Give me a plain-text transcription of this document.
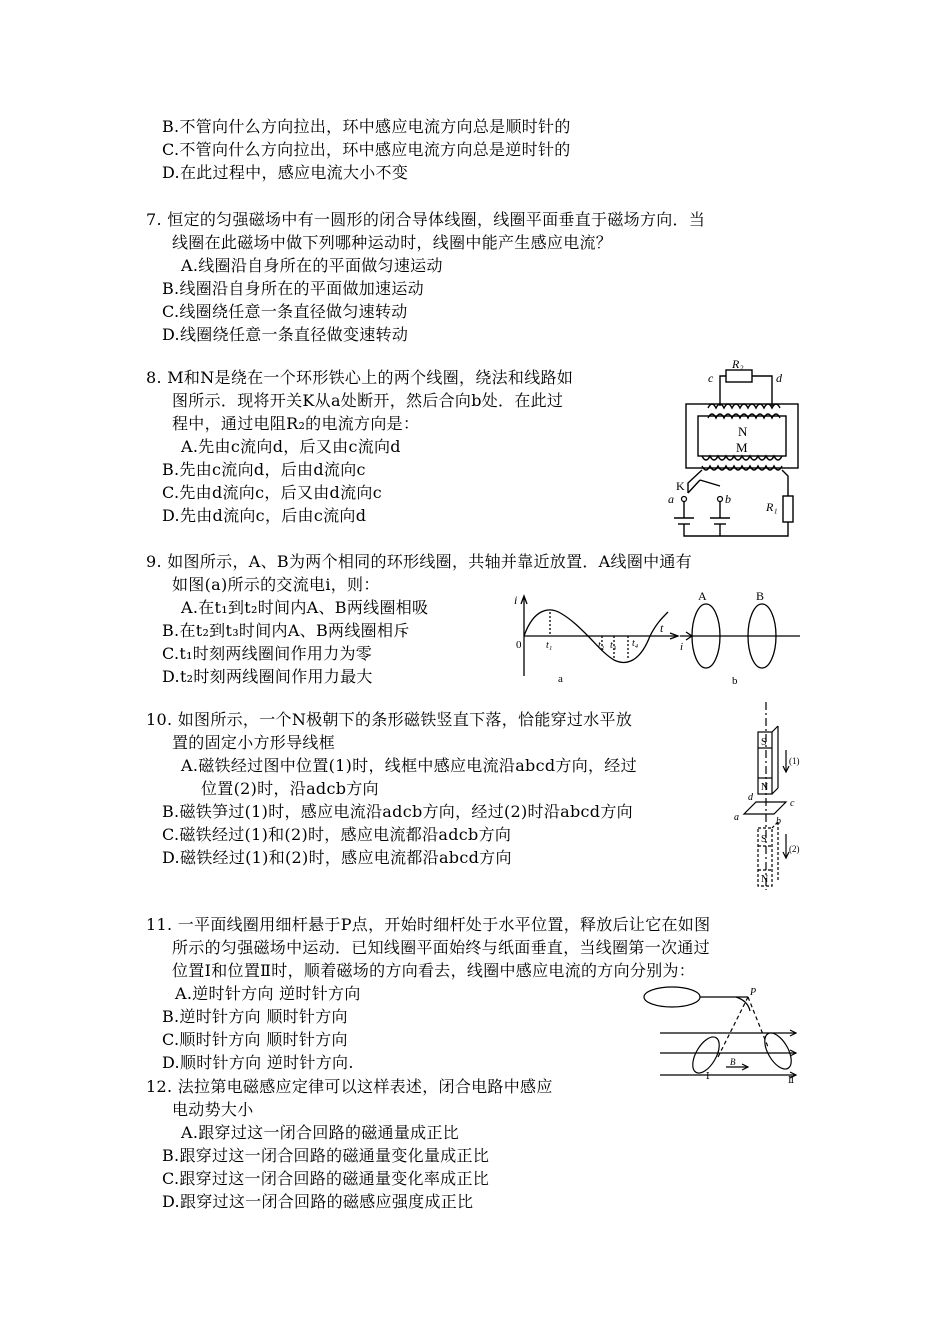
B.不管向什么方向拉出，环中感应电流方向总是顺时针的
C.不管向什么方向拉出，环中感应电流方向总是逆时针的
D.在此过程中，感应电流大小不变
7. 恒定的匀强磁场中有一圆形的闭合导体线圈，线圈平面垂直于磁场方向．当
线圈在此磁场中做下列哪种运动时，线圈中能产生感应电流？
A.线圈沿自身所在的平面做匀速运动
B.线圈沿自身所在的平面做加速运动
C.线圈绕任意一条直径做匀速转动
D.线圈绕任意一条直径做变速转动
8. M和N是绕在一个环形铁心上的两个线圈，绕法和线路如
图所示．现将开关K从a处断开，然后合向b处．在此过
程中，通过电阻R₂的电流方向是：
A.先由c流向d，后又由c流向d
B.先由c流向d，后由d流向c
C.先由d流向c，后又由d流向c
D.先由d流向c，后由c流向d
9. 如图所示，A、B为两个相同的环形线圈，共轴并靠近放置．A线圈中通有
如图(a)所示的交流电i，则：
A.在t₁到t₂时间内A、B两线圈相吸
B.在t₂到t₃时间内A、B两线圈相斥
C.t₁时刻两线圈间作用力为零
D.t₂时刻两线圈间作用力最大
10. 如图所示，一个N极朝下的条形磁铁竖直下落，恰能穿过水平放
置的固定小方形导线框
A.磁铁经过图中位置(1)时，线框中感应电流沿abcd方向，经过
位置(2)时，沿adcb方向
B.磁铁笋过(1)时，感应电流沿adcb方向，经过(2)时沿abcd方向
C.磁铁经过(1)和(2)时，感应电流都沿adcb方向
D.磁铁经过(1)和(2)时，感应电流都沿abcd方向
11. 一平面线圈用细杆悬于P点，开始时细杆处于水平位置，释放后让它在如图
所示的匀强磁场中运动．已知线圈平面始终与纸面垂直，当线圈第一次通过
位置Ⅰ和位置Ⅱ时，顺着磁场的方向看去，线圈中感应电流的方向分别为：
A.逆时针方向 逆时针方向
B.逆时针方向 顺时针方向
C.顺时针方向 顺时针方向
D.顺时针方向 逆时针方向.
12. 法拉第电磁感应定律可以这样表述，闭合电路中感应
电动势大小
A.跟穿过这一闭合回路的磁通量成正比
B.跟穿过这一闭合回路的磁通量变化量成正比
C.跟穿过这一闭合回路的磁通量变化率成正比
D.跟穿过这一闭合回路的磁感应强度成正比
R₂
c	d
N
M
K
a	b
R₁
i
t
0 t₁	t₂ t₃ t₄
a	b
A	B
i
S
N
S
N
(1)
(2)
a	b
c
d
P
B
Ⅰ	Ⅱ
